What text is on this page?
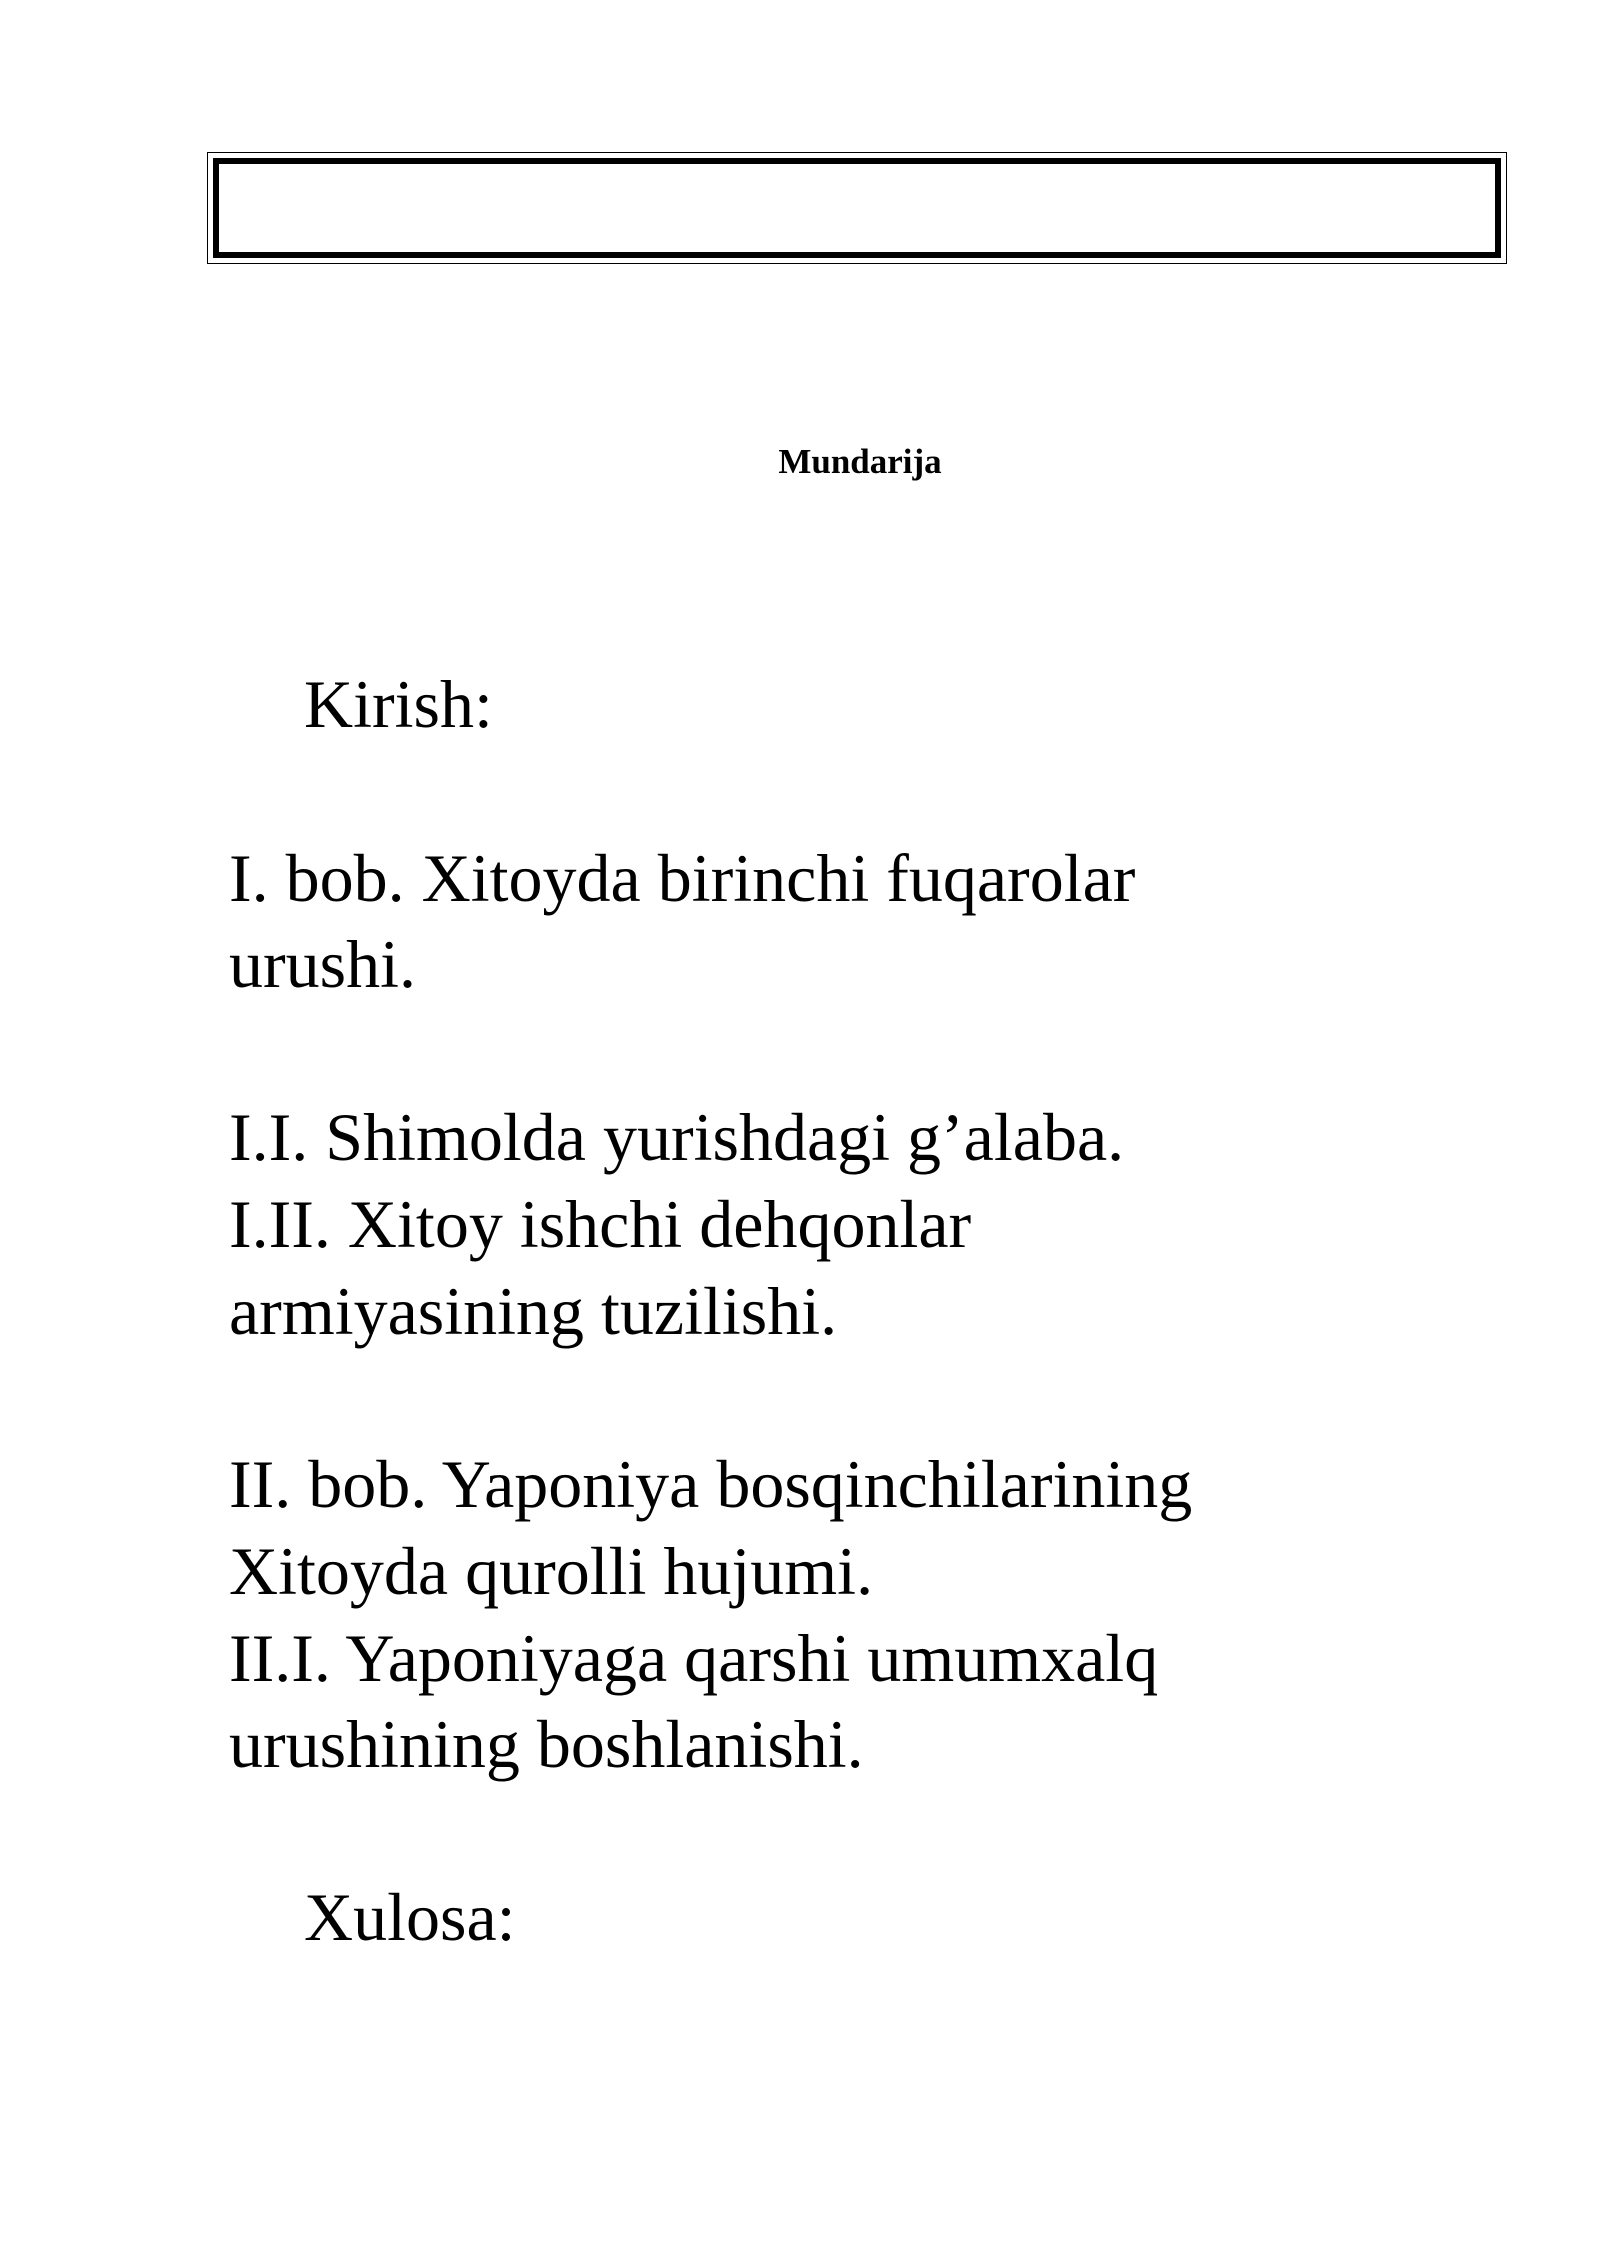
Mundarija
Kirish:
I. bob. Xitoyda birinchi fuqarolar
urushi.
I.I. Shimolda yurishdagi g’alaba.
I.II. Xitoy ishchi dehqonlar
armiyasining tuzilishi.
II. bob. Yaponiya bosqinchilarining
Xitoyda qurolli hujumi.
II.I. Yaponiyaga qarshi umumxalq
urushining boshlanishi.
Xulosa:
